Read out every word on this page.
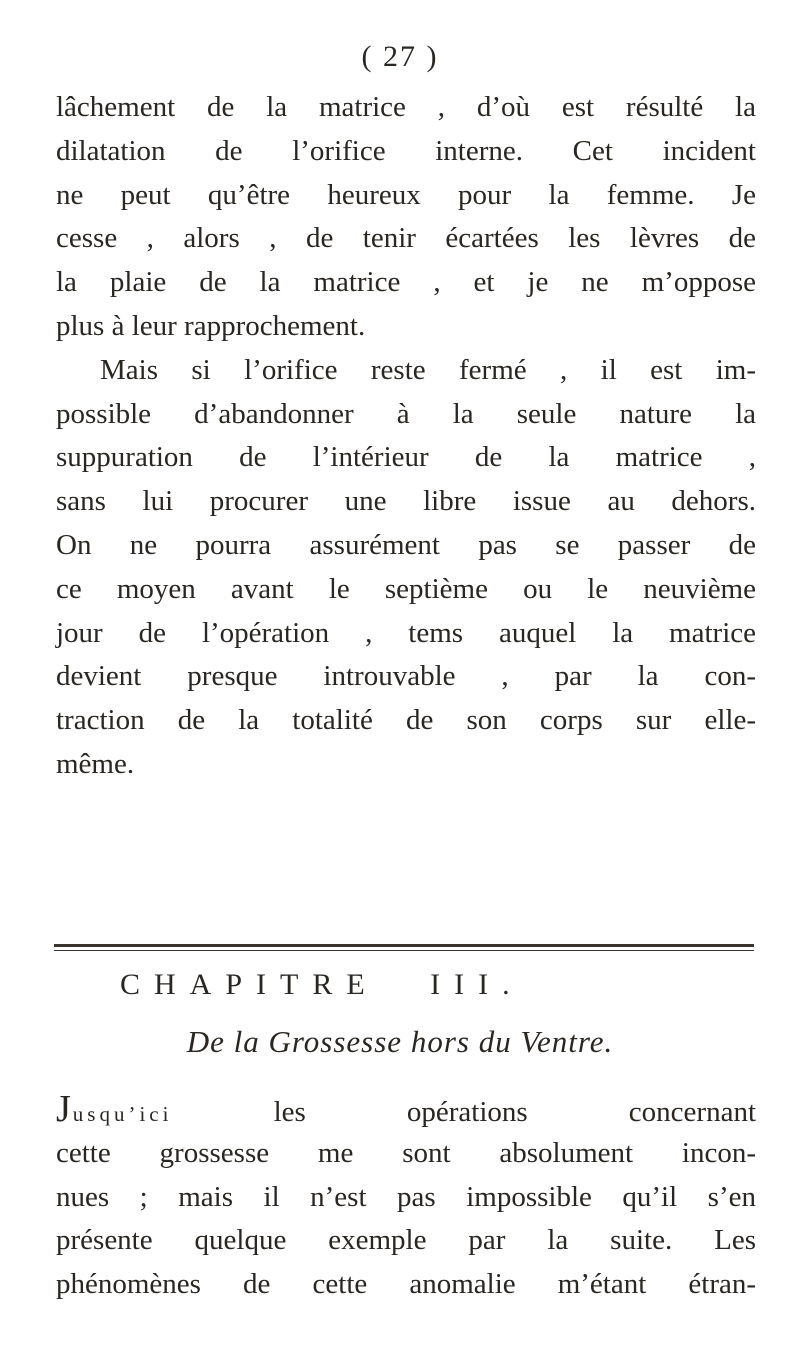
( 27 )
lâchement de la matrice , d’où est résulté la
dilatation de l’orifice interne. Cet incident
ne peut qu’être heureux pour la femme. Je
cesse , alors , de tenir écartées les lèvres de
la plaie de la matrice , et je ne m’oppose
plus à leur rapprochement.
Mais si l’orifice reste fermé , il est im-
possible d’abandonner à la seule nature la
suppuration de l’intérieur de la matrice ,
sans lui procurer une libre issue au dehors.
On ne pourra assurément pas se passer de
ce moyen avant le septième ou le neuvième
jour de l’opération , tems auquel la matrice
devient presque introuvable , par la con-
traction de la totalité de son corps sur elle-
même.
CHAPITRE III.
De la Grossesse hors du Ventre.
Jusqu’ici les opérations concernant
cette grossesse me sont absolument incon-
nues ; mais il n’est pas impossible qu’il s’en
présente quelque exemple par la suite. Les
phénomènes de cette anomalie m’étant étran-
